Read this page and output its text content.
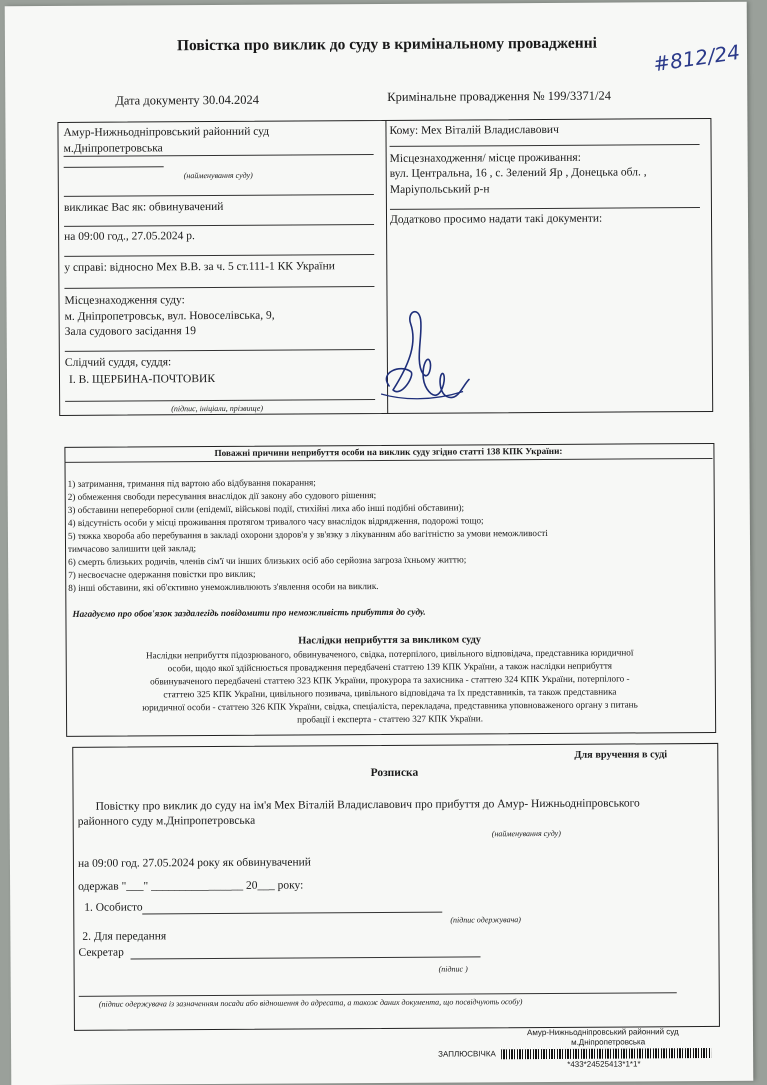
Повістка про виклик до суду в кримінальному провадженні	#812/24
Дата документу 30.04.2024	Кримінальне провадження № 199/3371/24
Амур-Нижньодніпровський районний суд
м.Дніпропетровська
(найменування суду)
викликає Вас як: обвинувачений
на 09:00 год., 27.05.2024 р.
у справі: відносно Мех В.В. за ч. 5 ст.111-1 КК України
Місцезнаходження суду:
м. Дніпропетровськ, вул. Новоселівська, 9,
Зала судового засідання 19
Слідчий суддя, суддя:
І. В. ЩЕРБИНА-ПОЧТОВИК
(підпис, ініціали, прізвище)
Кому: Мех Віталій Владиславович
Місцезнаходження/ місце проживання:
вул. Центральна, 16 , с. Зелений Яр , Донецька обл. ,
Маріупольський р-н
Додатково просимо надати такі документи:
Поважні причини неприбуття особи на виклик суду згідно статті 138 КПК України:
1) затримання, тримання під вартою або відбування покарання;
2) обмеження свободи пересування внаслідок дії закону або судового рішення;
3) обставини непереборної сили (епідемії, військові події, стихійні лиха або інші подібні обставини);
4) відсутність особи у місці проживання протягом тривалого часу внаслідок відрядження, подорожі тощо;
5) тяжка хвороба або перебування в закладі охорони здоров'я у зв'язку з лікуванням або вагітністю за умови неможливості
тимчасово залишити цей заклад;
6) смерть близьких родичів, членів сім'ї чи інших близьких осіб або серйозна загроза їхньому життю;
7) несвоєчасне одержання повістки про виклик;
8) інші обставини, які об'єктивно унеможливлюють з'явлення особи на виклик.
Нагадуємо про обов'язок заздалегідь повідомити про неможливість прибуття до суду.
Наслідки неприбуття за викликом суду
Наслідки неприбуття підозрюваного, обвинуваченого, свідка, потерпілого, цивільного відповідача, представника юридичної
особи, щодо якої здійснюється провадження передбачені статтею 139 КПК України, а також наслідки неприбуття
обвинуваченого передбачені статтею 323 КПК України, прокурора та захисника - статтею 324 КПК України, потерпілого -
статтею 325 КПК України, цивільного позивача, цивільного відповідача та їх представників, та також представника
юридичної особи - статтею 326 КПК України, свідка, спеціаліста, перекладача, представника уповноваженого органу з питань
пробації і експерта - статтею 327 КПК України.
Для вручення в суді
Розписка
Повістку про виклик до суду на ім'я Мех Віталій Владиславович про прибуття до Амур- Нижньодніпровського
районного суду м.Дніпропетровська
(найменування суду)
на 09:00 год. 27.05.2024 року як обвинувачений
одержав "___" ________________ 20___ року:
1. Особисто
(підпис одержувача)
2. Для передання
Секретар
(підпис )
(підпис одержувача із зазначенням посади або відношення до адресата, а також даних документа, що посвідчують особу)
Амур-Нижньодніпровський районний суд
м.Дніпропетровська
ЗАПЛЮСВІЧКА
*433*24525413*1*1*
